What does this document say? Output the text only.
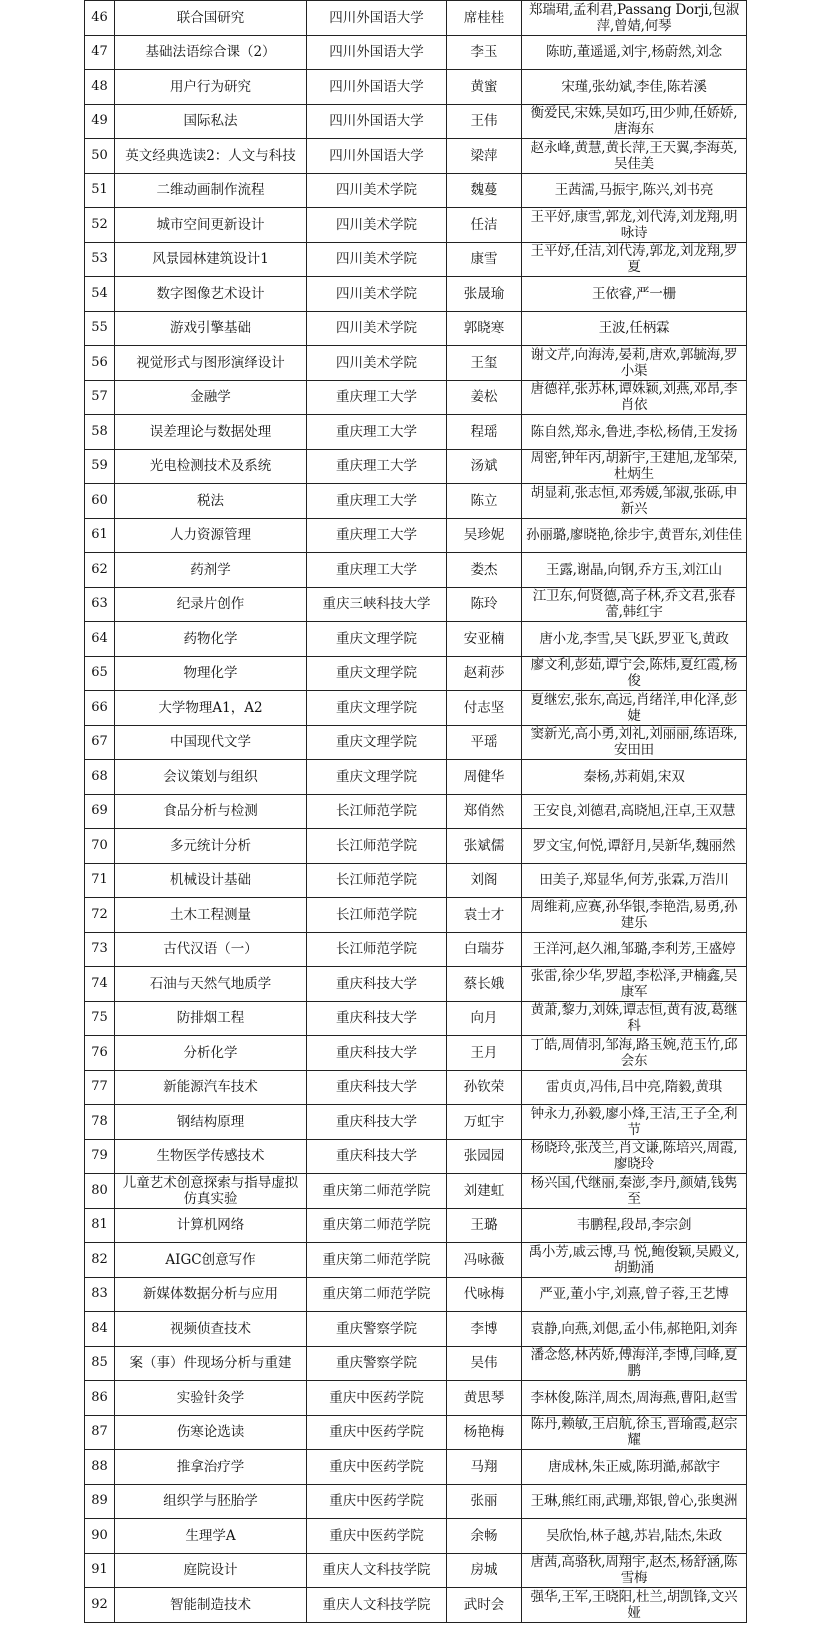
46	联合国研究	四川外国语大学	席桂桂	郑瑞珺,孟利君,Passang Dorji,包淑萍,曾婧,何琴
47	基础法语综合课（2）	四川外国语大学	李玉	陈昉,董遥遥,刘宇,杨蔚然,刘念
48	用户行为研究	四川外国语大学	黄蜜	宋瑾,张幼斌,李佳,陈若溪
49	国际私法	四川外国语大学	王伟	衡爱民,宋姝,吴如巧,田少帅,任娇娇,唐海东
50	英文经典选读2：人文与科技	四川外国语大学	梁萍	赵永峰,黄慧,黄长萍,王天翼,李海英,吴佳美
51	二维动画制作流程	四川美术学院	魏蔓	王茜濡,马振宇,陈兴,刘书亮
52	城市空间更新设计	四川美术学院	任洁	王平妤,康雪,郭龙,刘代涛,刘龙翔,明咏诗
53	风景园林建筑设计1	四川美术学院	康雪	王平妤,任洁,刘代涛,郭龙,刘龙翔,罗夏
54	数字图像艺术设计	四川美术学院	张晟瑜	王依睿,严一栅
55	游戏引擎基础	四川美术学院	郭晓寒	王波,任柄霖
56	视觉形式与图形演绎设计	四川美术学院	王玺	谢文芹,向海涛,晏莉,唐欢,郭毓海,罗小渠
57	金融学	重庆理工大学	姜松	唐德祥,张苏林,谭姝颖,刘燕,邓昂,李肖依
58	误差理论与数据处理	重庆理工大学	程瑶	陈自然,郑永,鲁进,李松,杨倩,王发扬
59	光电检测技术及系统	重庆理工大学	汤斌	周密,钟年丙,胡新宇,王建旭,龙邹荣,杜炳生
60	税法	重庆理工大学	陈立	胡显莉,张志恒,邓秀媛,邹淑,张砾,申新兴
61	人力资源管理	重庆理工大学	吴珍妮	孙丽璐,廖晓艳,徐步宇,黄晋东,刘佳佳
62	药剂学	重庆理工大学	娄杰	王露,谢晶,向钢,乔方玉,刘江山
63	纪录片创作	重庆三峡科技大学	陈玲	江卫东,何贤德,高子林,乔文君,张春蕾,韩红宇
64	药物化学	重庆文理学院	安亚楠	唐小龙,李雪,吴飞跃,罗亚飞,黄政
65	物理化学	重庆文理学院	赵莉莎	廖文利,彭茹,谭宁会,陈炜,夏红霞,杨俊
66	大学物理A1，A2	重庆文理学院	付志坚	夏继宏,张东,高远,肖绪洋,申化泽,彭婕
67	中国现代文学	重庆文理学院	平瑶	窦新光,高小勇,刘礼,刘丽丽,练语珠,安田田
68	会议策划与组织	重庆文理学院	周健华	秦杨,苏莉娟,宋双
69	食品分析与检测	长江师范学院	郑俏然	王安良,刘德君,高晓旭,汪卓,王双慧
70	多元统计分析	长江师范学院	张斌儒	罗文宝,何悦,谭舒月,吴新华,魏丽然
71	机械设计基础	长江师范学院	刘阁	田美子,郑显华,何芳,张霖,万浩川
72	土木工程测量	长江师范学院	袁士才	周维莉,应赛,孙华银,李艳浩,易勇,孙建乐
73	古代汉语（一）	长江师范学院	白瑞芬	王洋河,赵久湘,邹璐,李利芳,王盛婷
74	石油与天然气地质学	重庆科技大学	蔡长娥	张雷,徐少华,罗超,李松泽,尹楠鑫,吴康军
75	防排烟工程	重庆科技大学	向月	黄萧,黎力,刘姝,谭志恒,黄有波,葛继科
76	分析化学	重庆科技大学	王月	丁皓,周倩羽,邹海,路玉婉,范玉竹,邱会东
77	新能源汽车技术	重庆科技大学	孙钦荣	雷贞贞,冯伟,吕中亮,隋毅,黄琪
78	钢结构原理	重庆科技大学	万虹宇	钟永力,孙毅,廖小烽,王洁,王子全,利节
79	生物医学传感技术	重庆科技大学	张园园	杨晓玲,张茂兰,肖文谦,陈培兴,周霞,廖晓玲
80	儿童艺术创意探索与指导虚拟仿真实验	重庆第二师范学院	刘建虹	杨兴国,代继丽,秦澎,李丹,颜婧,钱隽至
81	计算机网络	重庆第二师范学院	王璐	韦鹏程,段昂,李宗剑
82	AIGC创意写作	重庆第二师范学院	冯咏薇	禹小芳,戚云博,马 悦,鲍俊颖,吴殿义,胡勤涌
83	新媒体数据分析与应用	重庆第二师范学院	代咏梅	严亚,董小宇,刘熹,曾子蓉,王艺博
84	视频侦查技术	重庆警察学院	李博	袁静,向燕,刘偲,孟小伟,郝艳阳,刘奔
85	案（事）件现场分析与重建	重庆警察学院	吴伟	潘念悠,林芮娇,傅海洋,李博,闫峰,夏鹏
86	实验针灸学	重庆中医药学院	黄思琴	李林俊,陈洋,周杰,周海燕,曹阳,赵雪
87	伤寒论选读	重庆中医药学院	杨艳梅	陈丹,赖敏,王启航,徐玉,晋瑜霞,赵宗耀
88	推拿治疗学	重庆中医药学院	马翔	唐成林,朱正威,陈玥澔,郝歆宇
89	组织学与胚胎学	重庆中医药学院	张丽	王琳,熊红雨,武珊,郑银,曾心,张奥洲
90	生理学A	重庆中医药学院	余畅	吴欣怡,林子越,苏岩,陆杰,朱政
91	庭院设计	重庆人文科技学院	房城	唐茜,高骆秋,周翔宇,赵杰,杨舒涵,陈雪梅
92	智能制造技术	重庆人文科技学院	武时会	强华,王军,王晓阳,杜兰,胡凯锋,文兴娅
